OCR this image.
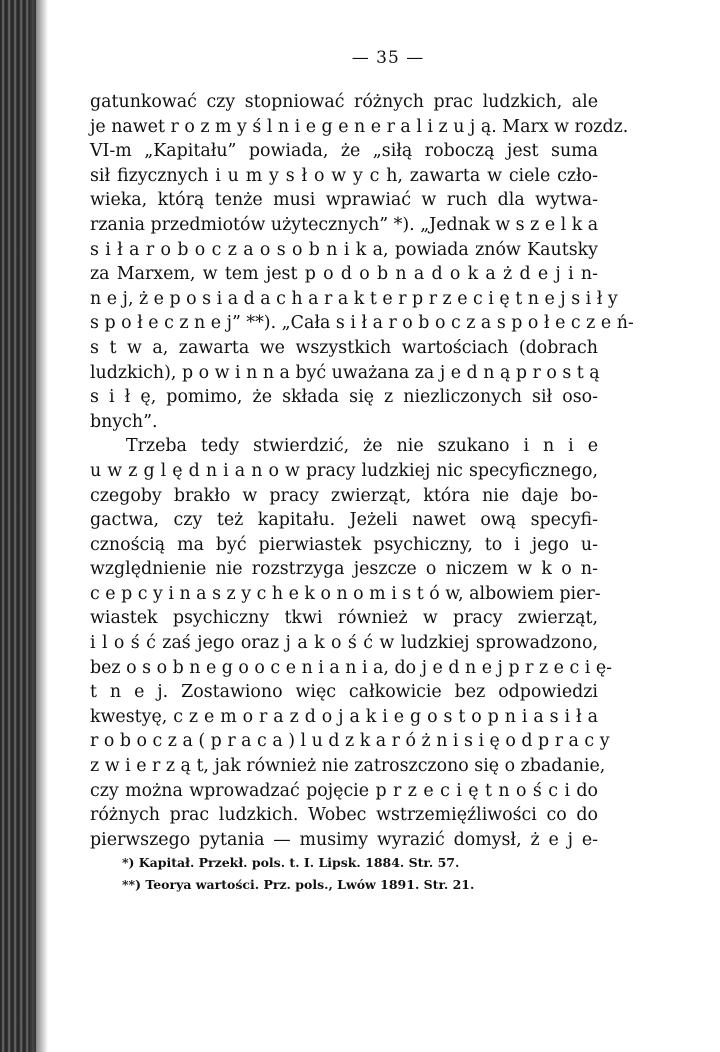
— 35 —
gatunkować czy stopniować różnych prac ludzkich, ale
je nawet r o z m y ś l n i e g e n e r a l i z u j ą. Marx w rozdz.
VI-m „Kapitału” powiada, że „siłą roboczą jest suma
sił fizycznych i u m y s ł o w y c h, zawarta w ciele czło-
wieka, którą tenże musi wprawiać w ruch dla wytwa-
rzania przedmiotów użytecznych” *). „Jednak w s z e l k a
s i ł a r o b o c z a o s o b n i k a, powiada znów Kautsky
za Marxem, w tem jest p o d o b n a d o k a ż d e j i n-
n e j, ż e p o s i a d a c h a r a k t e r p r z e c i ę t n e j s i ł y
s p o ł e c z n e j” **). „Cała s i ł a r o b o c z a s p o ł e c z e ń-
s t w a, zawarta we wszystkich wartościach (dobrach
ludzkich), p o w i n n a być uważana za j e d n ą p r o s t ą
s i ł ę, pomimo, że składa się z niezliczonych sił oso-
bnych”.
Trzeba tedy stwierdzić, że nie szukano i n i e
u w z g l ę d n i a n o w pracy ludzkiej nic specyficznego,
czegoby brakło w pracy zwierząt, która nie daje bo-
gactwa, czy też kapitału. Jeżeli nawet ową specyfi-
cznością ma być pierwiastek psychiczny, to i jego u-
względnienie nie rozstrzyga jeszcze o niczem w k o n-
c e p c y i n a s z y c h e k o n o m i s t ó w, albowiem pier-
wiastek psychiczny tkwi również w pracy zwierząt,
i l o ś ć zaś jego oraz j a k o ś ć w ludzkiej sprowadzono,
bez o s o b n e g o o c e n i a n i a, do j e d n e j p r z e c i ę-
t n e j. Zostawiono więc całkowicie bez odpowiedzi
kwestyę, c z e m o r a z d o j a k i e g o s t o p n i a s i ł a
r o b o c z a ( p r a c a ) l u d z k a r ó ż n i s i ę o d p r a c y
z w i e r z ą t, jak również nie zatroszczono się o zbadanie,
czy można wprowadzać pojęcie p r z e c i ę t n o ś c i do
różnych prac ludzkich. Wobec wstrzemięźliwości co do
pierwszego pytania — musimy wyrazić domysł, ż e j e-
*) Kapitał. Przekł. pols. t. I. Lipsk. 1884. Str. 57.
**) Teorya wartości. Prz. pols., Lwów 1891. Str. 21.
